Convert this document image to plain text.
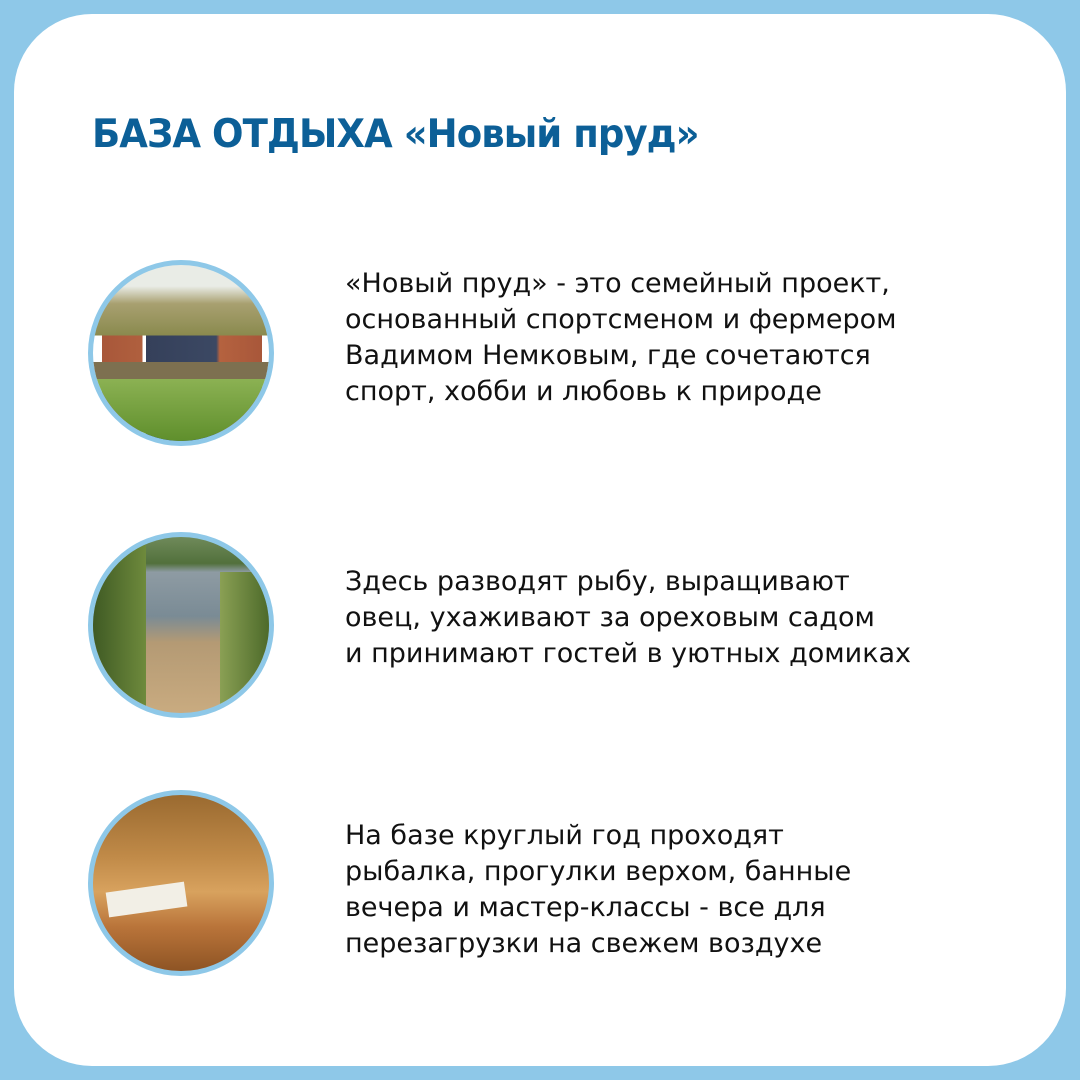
БАЗА ОТДЫХА «Новый пруд»
«Новый пруд» - это семейный проект,
основанный спортсменом и фермером
Вадимом Немковым, где сочетаются
спорт, хобби и любовь к природе
Здесь разводят рыбу, выращивают
овец, ухаживают за ореховым садом
и принимают гостей в уютных домиках
На базе круглый год проходят
рыбалка, прогулки верхом, банные
вечера и мастер-классы - все для
перезагрузки на свежем воздухе
